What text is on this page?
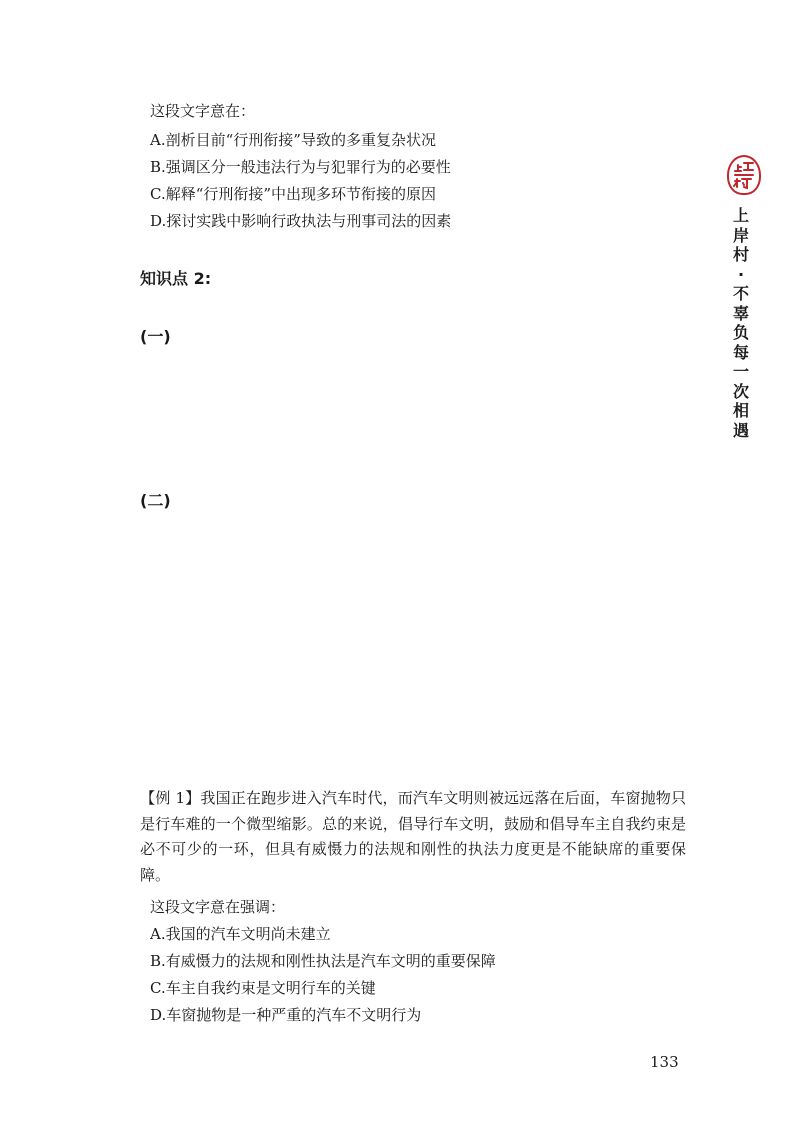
这段文字意在：
A.剖析目前“行刑衔接”导致的多重复杂状况
B.强调区分一般违法行为与犯罪行为的必要性
C.解释“行刑衔接”中出现多环节衔接的原因
D.探讨实践中影响行政执法与刑事司法的因素
知识点 2:
(一)
(二)
【例 1】我国正在跑步进入汽车时代，而汽车文明则被远远落在后面，车窗抛物只是行车难的一个微型缩影。总的来说，倡导行车文明，鼓励和倡导车主自我约束是必不可少的一环，但具有威慑力的法规和刚性的执法力度更是不能缺席的重要保障。
这段文字意在强调：
A.我国的汽车文明尚未建立
B.有威慑力的法规和刚性执法是汽车文明的重要保障
C.车主自我约束是文明行车的关键
D.车窗抛物是一种严重的汽车不文明行为
133
上
岸
村
·
不
辜
负
每
一
次
相
遇
